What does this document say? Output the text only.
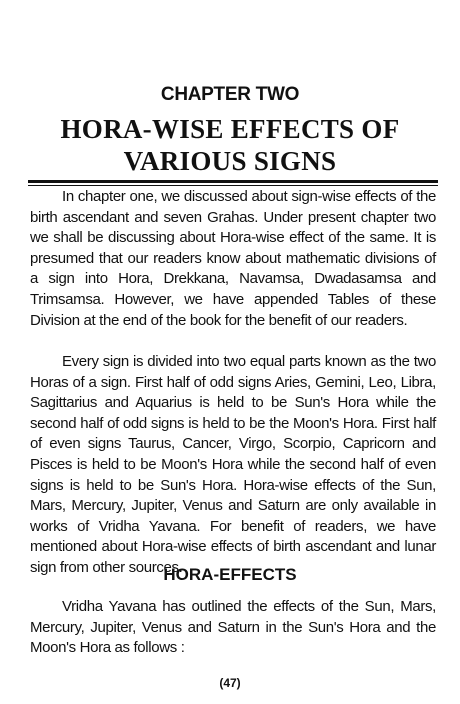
CHAPTER TWO
HORA-WISE EFFECTS OF
VARIOUS SIGNS

In chapter one, we discussed about sign-wise effects of the birth ascendant and seven Grahas. Under present chapter two we shall be discussing about Hora-wise effect of the same. It is presumed that our readers know about mathematic divisions of a sign into Hora, Drekkana, Navamsa, Dwadasamsa and Trimsamsa. However, we have appended Tables of these Division at the end of the book for the benefit of our readers.

Every sign is divided into two equal parts known as the two Horas of a sign. First half of odd signs Aries, Gemini, Leo, Libra, Sagittarius and Aquarius is held to be Sun's Hora while the second half of odd signs is held to be the Moon's Hora. First half of even signs Taurus, Cancer, Virgo, Scorpio, Capricorn and Pisces is held to be Moon's Hora while the second half of even signs is held to be Sun's Hora. Hora-wise effects of the Sun, Mars, Mercury, Jupiter, Venus and Saturn are only available in works of Vridha Yavana. For benefit of readers, we have mentioned about Hora-wise effects of birth ascendant and lunar sign from other sources.

HORA-EFFECTS

Vridha Yavana has outlined the effects of the Sun, Mars, Mercury, Jupiter, Venus and Saturn in the Sun's Hora and the Moon's Hora as follows :

(47)
